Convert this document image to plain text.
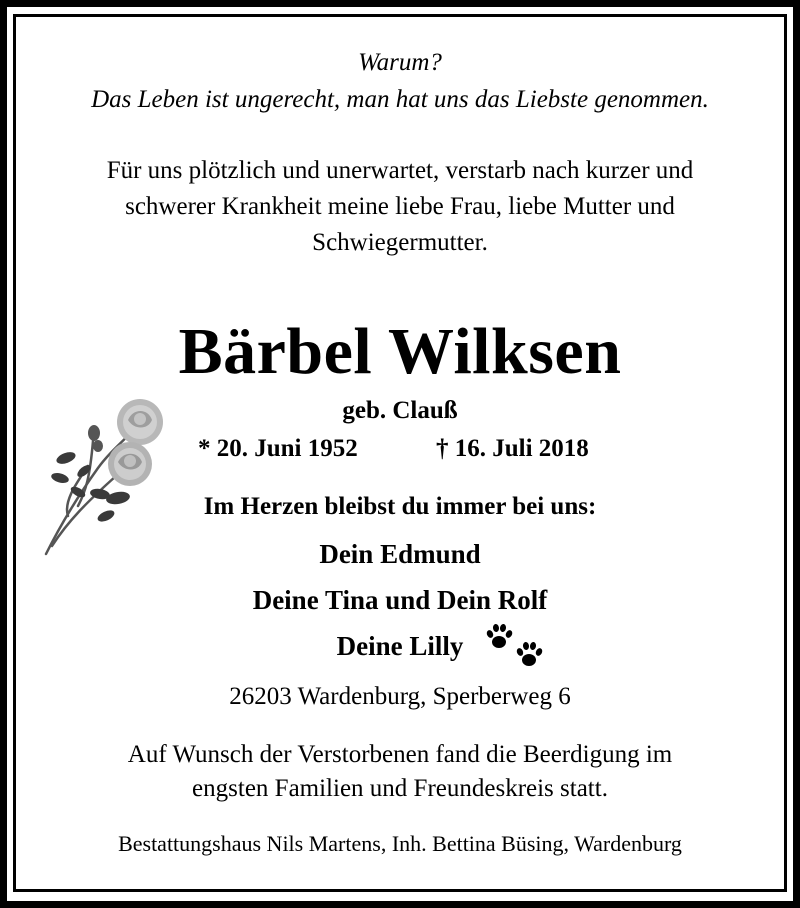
Warum?
Das Leben ist ungerecht, man hat uns das Liebste genommen.
Für uns plötzlich und unerwartet, verstarb nach kurzer und
schwerer Krankheit meine liebe Frau, liebe Mutter und
Schwiegermutter.
Bärbel Wilksen
geb. Clauß
* 20. Juni 1952	† 16. Juli 2018
Im Herzen bleibst du immer bei uns:
Dein Edmund
Deine Tina und Dein Rolf
Deine Lilly
26203 Wardenburg, Sperberweg 6
Auf Wunsch der Verstorbenen fand die Beerdigung im
engsten Familien und Freundeskreis statt.
Bestattungshaus Nils Martens, Inh. Bettina Büsing, Wardenburg
